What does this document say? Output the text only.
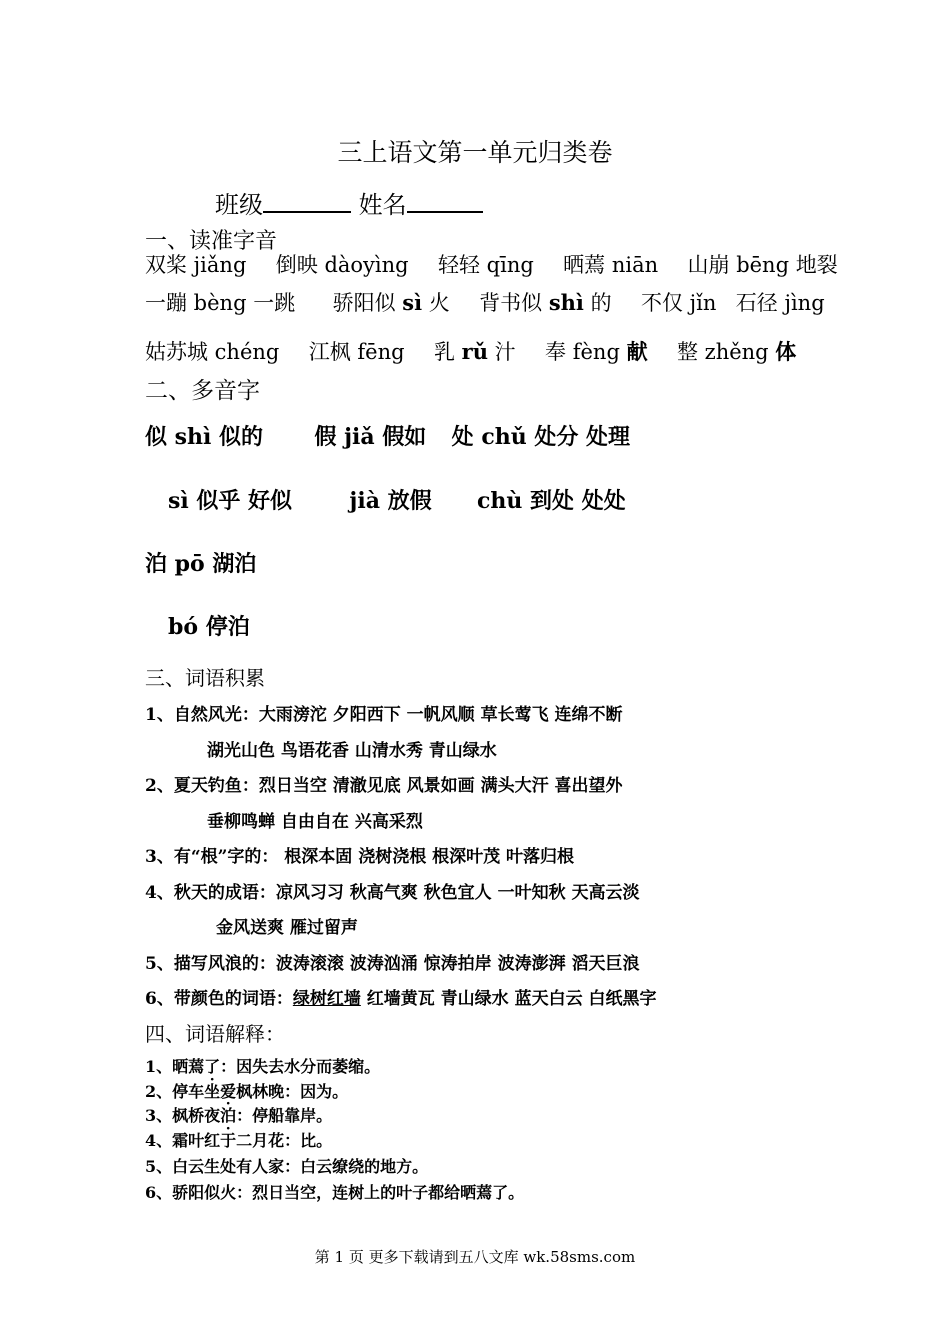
三上语文第一单元归类卷
班级	姓名
一、读准字音
双桨 jiǎng 倒映 dàoyìng 轻轻 qīng 晒蔫 niān 山崩 bēng 地裂
一蹦 bèng 一跳 骄阳似 sì 火 背书似 shì 的 不仅 jǐn 石径 jìng
姑苏城 chéng 江枫 fēng 乳 rǔ 汁 奉 fèng 献 整 zhěng 体
二、多音字
似 shì 似的 假 jiǎ 假如 处 chǔ 处分 处理
sì 似乎 好似	jià 放假 chù 到处 处处
泊 pō 湖泊
bó 停泊
三、词语积累
1、自然风光：大雨滂沱 夕阳西下 一帆风顺 草长莺飞 连绵不断
湖光山色 鸟语花香 山清水秀 青山绿水
2、夏天钓鱼：烈日当空 清澈见底 风景如画 满头大汗 喜出望外
垂柳鸣蝉 自由自在 兴高采烈
3、有“根”字的： 根深本固 浇树浇根 根深叶茂 叶落归根
4、秋天的成语：凉风习习 秋高气爽 秋色宜人 一叶知秋 天高云淡
金风送爽 雁过留声
5、描写风浪的：波涛滚滚 波涛汹涌 惊涛拍岸 波涛澎湃 滔天巨浪
6、带颜色的词语：绿树红墙 红墙黄瓦 青山绿水 蓝天白云 白纸黑字
四、词语解释：
1、晒蔫了：因失去水分而萎缩。
2、停车坐爱枫林晚：因为。
3、枫桥夜泊：停船靠岸。
4、霜叶红于二月花：比。
5、白云生处有人家：白云缭绕的地方。
6、骄阳似火：烈日当空，连树上的叶子都给晒蔫了。
第 1 页 更多下载请到五八文库 wk.58sms.com
